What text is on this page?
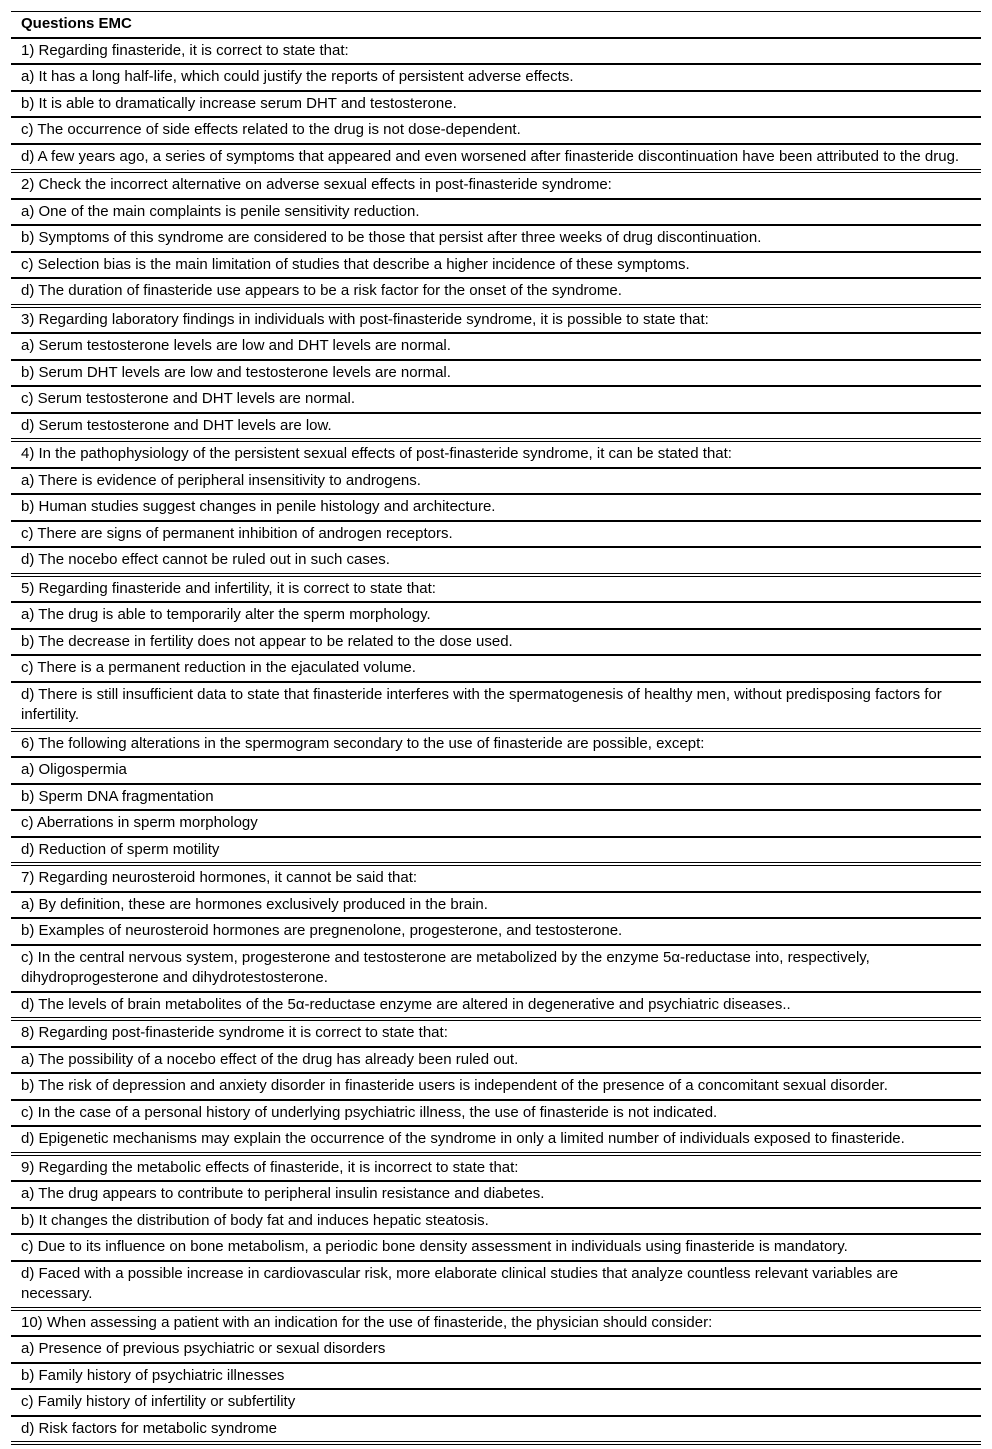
Questions EMC
1) Regarding finasteride, it is correct to state that:
a) It has a long half-life, which could justify the reports of persistent adverse effects.
b) It is able to dramatically increase serum DHT and testosterone.
c) The occurrence of side effects related to the drug is not dose-dependent.
d) A few years ago, a series of symptoms that appeared and even worsened after finasteride discontinuation have been attributed to the drug.
2) Check the incorrect alternative on adverse sexual effects in post-finasteride syndrome:
a) One of the main complaints is penile sensitivity reduction.
b) Symptoms of this syndrome are considered to be those that persist after three weeks of drug discontinuation.
c) Selection bias is the main limitation of studies that describe a higher incidence of these symptoms.
d) The duration of finasteride use appears to be a risk factor for the onset of the syndrome.
3) Regarding laboratory findings in individuals with post-finasteride syndrome, it is possible to state that:
a) Serum testosterone levels are low and DHT levels are normal.
b) Serum DHT levels are low and testosterone levels are normal.
c) Serum testosterone and DHT levels are normal.
d) Serum testosterone and DHT levels are low.
4) In the pathophysiology of the persistent sexual effects of post-finasteride syndrome, it can be stated that:
a) There is evidence of peripheral insensitivity to androgens.
b) Human studies suggest changes in penile histology and architecture.
c) There are signs of permanent inhibition of androgen receptors.
d) The nocebo effect cannot be ruled out in such cases.
5) Regarding finasteride and infertility, it is correct to state that:
a) The drug is able to temporarily alter the sperm morphology.
b) The decrease in fertility does not appear to be related to the dose used.
c) There is a permanent reduction in the ejaculated volume.
d) There is still insufficient data to state that finasteride interferes with the spermatogenesis of healthy men, without predisposing factors for infertility.
6) The following alterations in the spermogram secondary to the use of finasteride are possible, except:
a) Oligospermia
b) Sperm DNA fragmentation
c) Aberrations in sperm morphology
d) Reduction of sperm motility
7) Regarding neurosteroid hormones, it cannot be said that:
a) By definition, these are hormones exclusively produced in the brain.
b) Examples of neurosteroid hormones are pregnenolone, progesterone, and testosterone.
c) In the central nervous system, progesterone and testosterone are metabolized by the enzyme 5α-reductase into, respectively, dihydroprogesterone and dihydrotestosterone.
d) The levels of brain metabolites of the 5α-reductase enzyme are altered in degenerative and psychiatric diseases..
8) Regarding post-finasteride syndrome it is correct to state that:
a) The possibility of a nocebo effect of the drug has already been ruled out.
b) The risk of depression and anxiety disorder in finasteride users is independent of the presence of a concomitant sexual disorder.
c) In the case of a personal history of underlying psychiatric illness, the use of finasteride is not indicated.
d) Epigenetic mechanisms may explain the occurrence of the syndrome in only a limited number of individuals exposed to finasteride.
9) Regarding the metabolic effects of finasteride, it is incorrect to state that:
a) The drug appears to contribute to peripheral insulin resistance and diabetes.
b) It changes the distribution of body fat and induces hepatic steatosis.
c) Due to its influence on bone metabolism, a periodic bone density assessment in individuals using finasteride is mandatory.
d) Faced with a possible increase in cardiovascular risk, more elaborate clinical studies that analyze countless relevant variables are necessary.
10) When assessing a patient with an indication for the use of finasteride, the physician should consider:
a) Presence of previous psychiatric or sexual disorders
b) Family history of psychiatric illnesses
c) Family history of infertility or subfertility
d) Risk factors for metabolic syndrome
